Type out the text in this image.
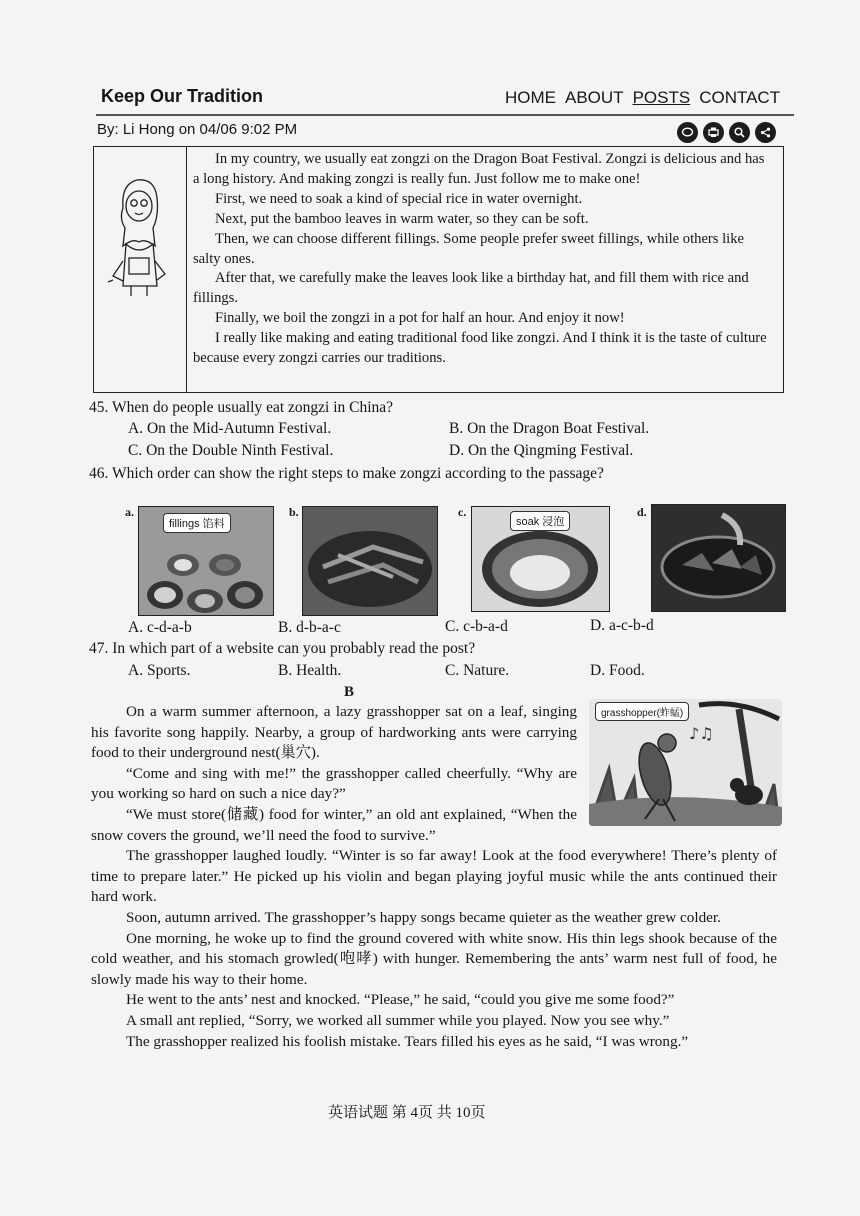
Keep Our Tradition	HOME ABOUT POSTS CONTACT
By: Li Hong on 04/06 9:02 PM

In my country, we usually eat zongzi on the Dragon Boat Festival. Zongzi is delicious and has a long history. And making zongzi is really fun. Just follow me to make one!

First, we need to soak a kind of special rice in water overnight.

Next, put the bamboo leaves in warm water, so they can be soft.

Then, we can choose different fillings. Some people prefer sweet fillings, while others like salty ones.

After that, we carefully make the leaves look like a birthday hat, and fill them with rice and fillings.

Finally, we boil the zongzi in a pot for half an hour. And enjoy it now!

I really like making and eating traditional food like zongzi. And I think it is the taste of culture because every zongzi carries our traditions.

45. When do people usually eat zongzi in China?
A. On the Mid-Autumn Festival.	B. On the Dragon Boat Festival.
C. On the Double Ninth Festival.	D. On the Qingming Festival.
46. Which order can show the right steps to make zongzi according to the passage?
a.
fillings 馅料
b.	c.
soak 浸泡
d.
A. c-d-a-b	B. d-b-a-c	C. c-b-a-d	D. a-c-b-d
47. In which part of a website can you probably read the post?
A. Sports.	B. Health.	C. Nature.	D. Food.
B
♪♫
grasshopper(蚱蜢)

On a warm summer afternoon, a lazy grasshopper sat on a leaf, singing his favorite song happily. Nearby, a group of hardworking ants were carrying food to their underground nest(巢穴).

“Come and sing with me!” the grasshopper called cheerfully. “Why are you working so hard on such a nice day?”

“We must store(储藏) food for winter,” an old ant explained, “When the snow covers the ground, we’ll need the food to survive.”

The grasshopper laughed loudly. “Winter is so far away! Look at the food everywhere! There’s plenty of time to prepare later.” He picked up his violin and began playing joyful music while the ants continued their hard work.

Soon, autumn arrived. The grasshopper’s happy songs became quieter as the weather grew colder.

One morning, he woke up to find the ground covered with white snow. His thin legs shook because of the cold weather, and his stomach growled(咆哮) with hunger. Remembering the ants’ warm nest full of food, he slowly made his way to their home.

He went to the ants’ nest and knocked. “Please,” he said, “could you give me some food?”

A small ant replied, “Sorry, we worked all summer while you played. Now you see why.”

The grasshopper realized his foolish mistake. Tears filled his eyes as he said, “I was wrong.”

英语试题 第 4页 共 10页
